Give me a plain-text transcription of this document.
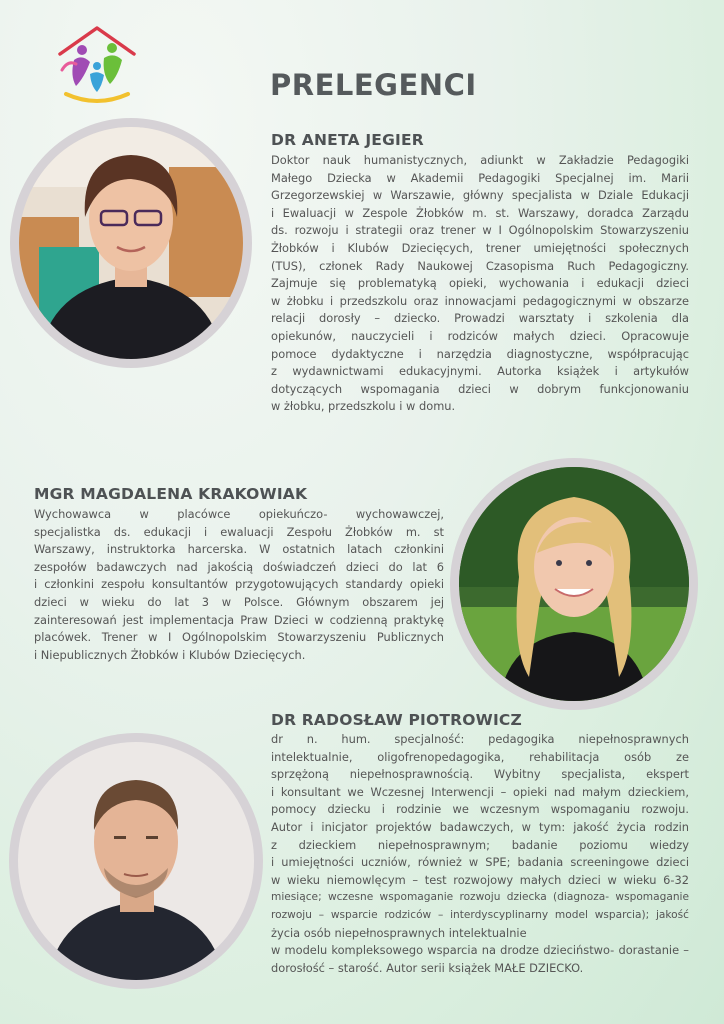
PRELEGENCI
DR ANETA JEGIER

Doktor nauk humanistycznych, adiunkt w Zakładzie Pedagogiki
Małego Dziecka w Akademii Pedagogiki Specjalnej im. Marii
Grzegorzewskiej w Warszawie, główny specjalista w Dziale Edukacji
i Ewaluacji w Zespole Żłobków m. st. Warszawy, doradca Zarządu
ds. rozwoju i strategii oraz trener w I Ogólnopolskim Stowarzyszeniu
Żłobków i Klubów Dziecięcych, trener umiejętności społecznych
(TUS), członek Rady Naukowej Czasopisma Ruch Pedagogiczny.
Zajmuje się problematyką opieki, wychowania i edukacji dzieci
w żłobku i przedszkolu oraz innowacjami pedagogicznymi w obszarze
relacji dorosły – dziecko. Prowadzi warsztaty i szkolenia dla
opiekunów, nauczycieli i rodziców małych dzieci. Opracowuje
pomoce dydaktyczne i narzędzia diagnostyczne, współpracując
z wydawnictwami edukacyjnymi. Autorka książek i artykułów
dotyczących wspomagania dzieci w dobrym funkcjonowaniu
w żłobku, przedszkolu i w domu.

MGR MAGDALENA KRAKOWIAK

Wychowawca w placówce opiekuńczo- wychowawczej,
specjalistka ds. edukacji i ewaluacji Zespołu Żłobków m. st
Warszawy, instruktorka harcerska. W ostatnich latach członkini
zespołów badawczych nad jakością doświadczeń dzieci do lat 6
i członkini zespołu konsultantów przygotowujących standardy opieki
dzieci w wieku do lat 3 w Polsce. Głównym obszarem jej
zainteresowań jest implementacja Praw Dzieci w codzienną praktykę
placówek. Trener w I Ogólnopolskim Stowarzyszeniu Publicznych
i Niepublicznych Żłobków i Klubów Dziecięcych.

DR RADOSŁAW PIOTROWICZ

dr n. hum. specjalność: pedagogika niepełnosprawnych
intelektualnie, oligofrenopedagogika, rehabilitacja osób ze
sprzężoną niepełnosprawnością. Wybitny specjalista, ekspert
i konsultant we Wczesnej Interwencji – opieki nad małym dzieckiem,
pomocy dziecku i rodzinie we wczesnym wspomaganiu rozwoju.
Autor i inicjator projektów badawczych, w tym: jakość życia rodzin
z dzieckiem niepełnosprawnym; badanie poziomu wiedzy
i umiejętności uczniów, również w SPE; badania screeningowe dzieci
w wieku niemowlęcym – test rozwojowy małych dzieci w wieku 6-32
miesiące; wczesne wspomaganie rozwoju dziecka (diagnoza- wspomaganie
rozwoju – wsparcie rodziców – interdyscyplinarny model wsparcia); jakość
życia osób niepełnosprawnych intelektualnie
w modelu kompleksowego wsparcia na drodze dzieciństwo- dorastanie –
dorosłość – starość. Autor serii książek MAŁE DZIECKO.
